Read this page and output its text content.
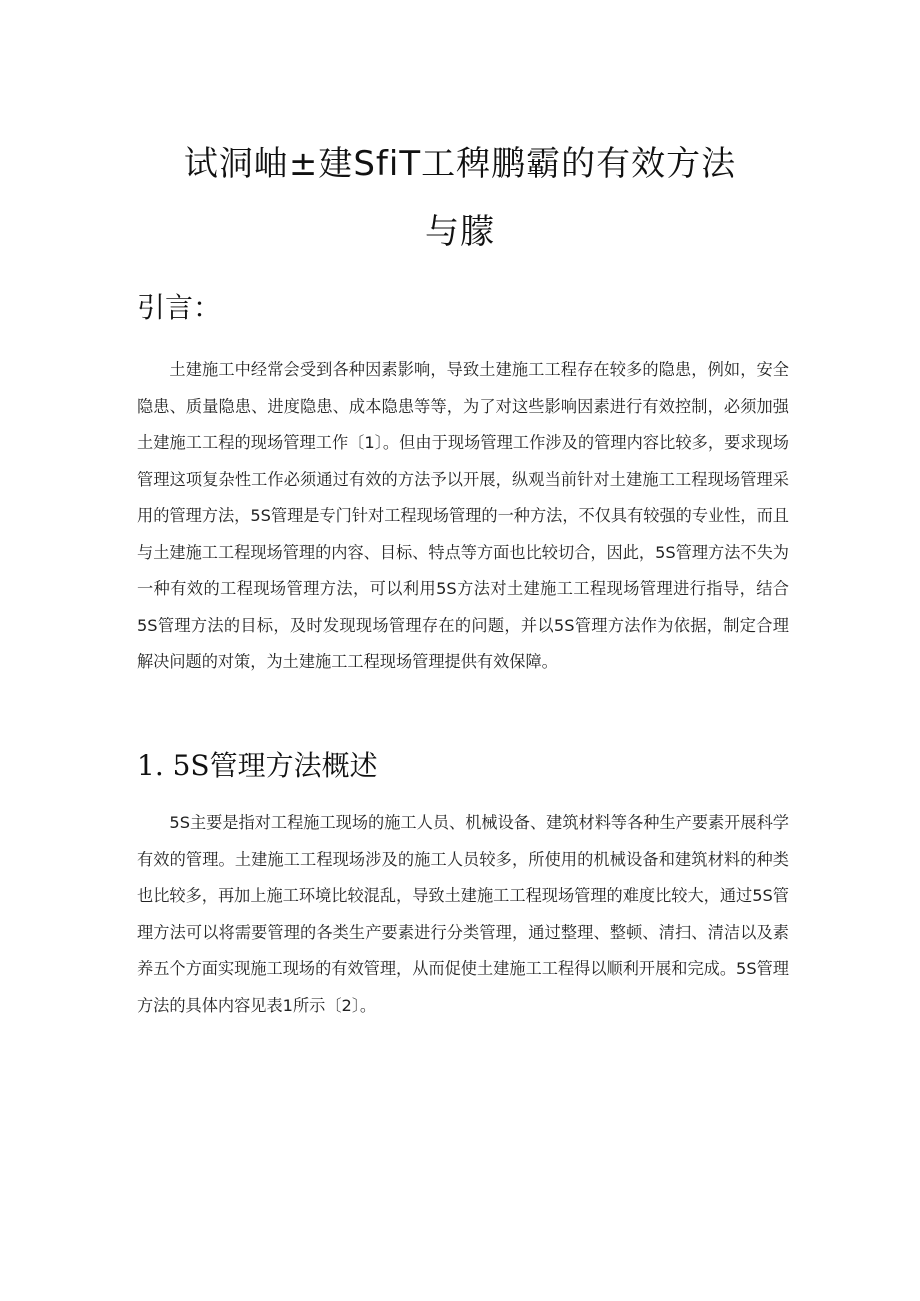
试洞岫±建SfiT工稗鹏霸的有效方法
与朦
引言：

土建施工中经常会受到各种因素影响，导致土建施工工程存在较多的隐患，例如，安全隐患、质量隐患、进度隐患、成本隐患等等，为了对这些影响因素进行有效控制，必须加强土建施工工程的现场管理工作〔1〕。但由于现场管理工作涉及的管理内容比较多，要求现场管理这项复杂性工作必须通过有效的方法予以开展，纵观当前针对土建施工工程现场管理采用的管理方法，5S管理是专门针对工程现场管理的一种方法，不仅具有较强的专业性，而且与土建施工工程现场管理的内容、目标、特点等方面也比较切合，因此，5S管理方法不失为一种有效的工程现场管理方法，可以利用5S方法对土建施工工程现场管理进行指导，结合5S管理方法的目标，及时发现现场管理存在的问题，并以5S管理方法作为依据，制定合理解决问题的对策，为土建施工工程现场管理提供有效保障。

1. 5S管理方法概述

5S主要是指对工程施工现场的施工人员、机械设备、建筑材料等各种生产要素开展科学有效的管理。土建施工工程现场涉及的施工人员较多，所使用的机械设备和建筑材料的种类也比较多，再加上施工环境比较混乱，导致土建施工工程现场管理的难度比较大，通过5S管理方法可以将需要管理的各类生产要素进行分类管理，通过整理、整顿、清扫、清洁以及素养五个方面实现施工现场的有效管理，从而促使土建施工工程得以顺利开展和完成。5S管理方法的具体内容见表1所示〔2〕。
